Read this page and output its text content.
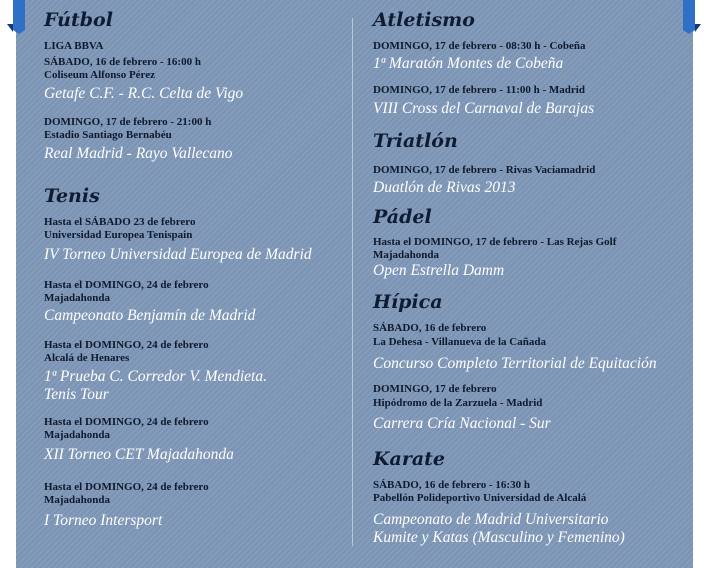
Fútbol
LIGA BBVA
SÁBADO, 16 de febrero - 16:00 h
Coliseum Alfonso Pérez
Getafe C.F. - R.C. Celta de Vigo
DOMINGO, 17 de febrero - 21:00 h
Estadio Santiago Bernabéu
Real Madrid - Rayo Vallecano
Tenis
Hasta el SÁBADO 23 de febrero
Universidad Europea Tenispain
IV Torneo Universidad Europea de Madrid
Hasta el DOMINGO, 24 de febrero
Majadahonda
Campeonato Benjamín de Madrid
Hasta el DOMINGO, 24 de febrero
Alcalá de Henares
1ª Prueba C. Corredor V. Mendieta.
Tenis Tour
Hasta el DOMINGO, 24 de febrero
Majadahonda
XII Torneo CET Majadahonda
Hasta el DOMINGO, 24 de febrero
Majadahonda
I Torneo Intersport
Atletismo
DOMINGO, 17 de febrero - 08:30 h - Cobeña
1ª Maratón Montes de Cobeña
DOMINGO, 17 de febrero - 11:00 h - Madrid
VIII Cross del Carnaval de Barajas
Triatlón
DOMINGO, 17 de febrero - Rivas Vaciamadrid
Duatlón de Rivas 2013
Pádel
Hasta el DOMINGO, 17 de febrero - Las Rejas Golf
Majadahonda
Open Estrella Damm
Hípica
SÁBADO, 16 de febrero
La Dehesa - Villanueva de la Cañada
Concurso Completo Territorial de Equitación
DOMINGO, 17 de febrero
Hipódromo de la Zarzuela - Madrid
Carrera Cría Nacional - Sur
Karate
SÁBADO, 16 de febrero - 16:30 h
Pabellón Polideportivo Universidad de Alcalá
Campeonato de Madrid Universitario
Kumite y Katas (Masculino y Femenino)
